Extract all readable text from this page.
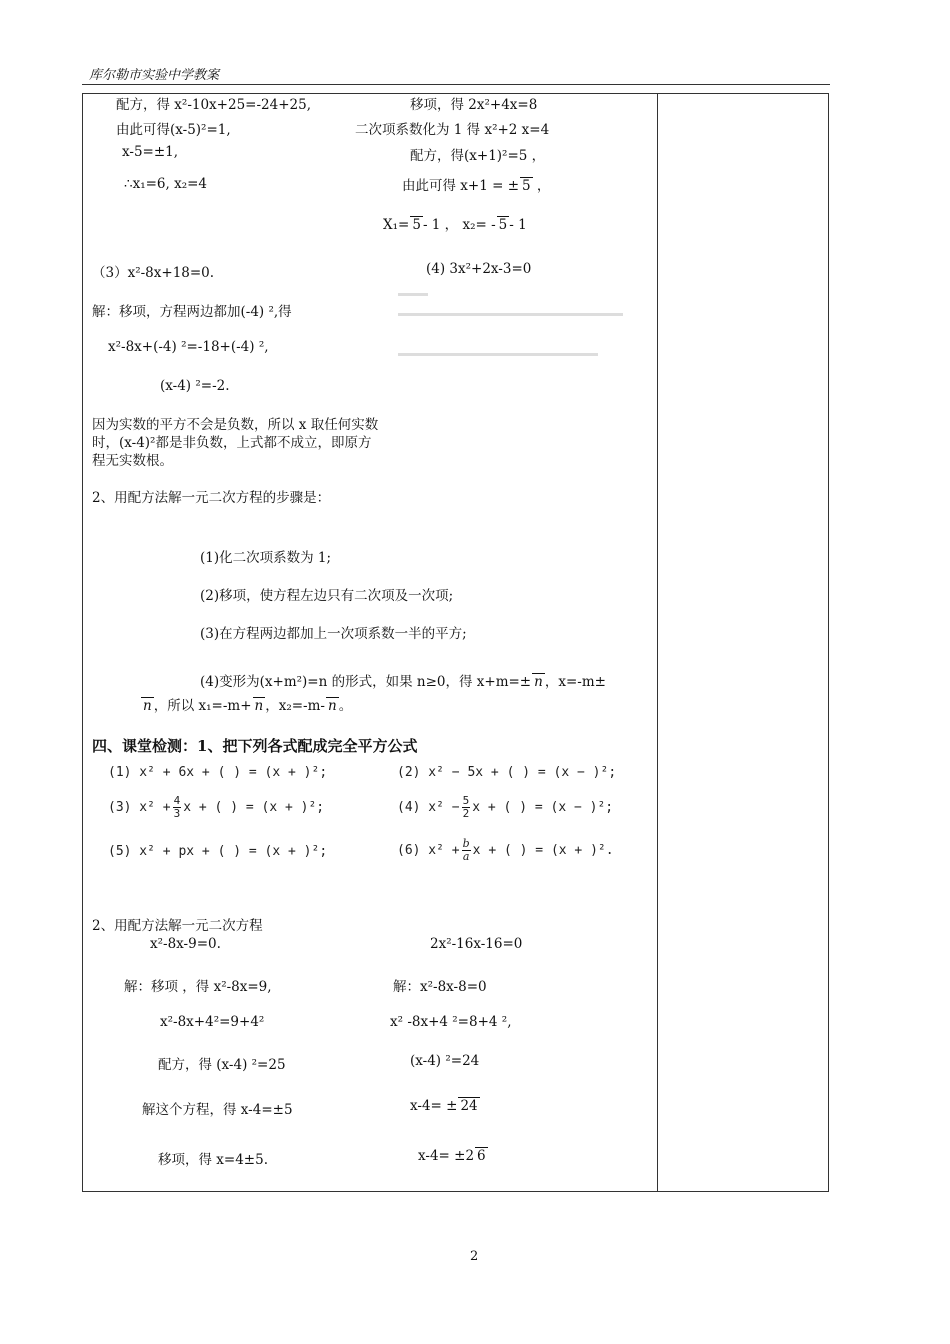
库尔勒市实验中学教案
配方，得 x²-10x+25=-24+25,
由此可得(x-5)²=1,
x-5=±1,
∴x₁=6, x₂=4
移项，得 2x²+4x=8
二次项系数化为 1 得 x²+2 x=4
配方，得(x+1)²=5 ，
由此可得 x+1 = ± 5 ，
X₁= 5 - 1 ， x₂= - 5 - 1
（3）x²-8x+18=0.	(4) 3x²+2x-3=0
解：移项，方程两边都加(-4) ²,得
x²-8x+(-4) ²=-18+(-4) ²,
(x-4) ²=-2.
因为实数的平方不会是负数，所以 x 取任何实数时，(x-4)²都是非负数，上式都不成立，即原方程无实数根。
2、用配方法解一元二次方程的步骤是：
(1)化二次项系数为 1;
(2)移项，使方程左边只有二次项及一次项;
(3)在方程两边都加上一次项系数一半的平方;
(4)变形为(x+m²)=n 的形式，如果 n≥0，得 x+m=± n ，x=-m±
n ，所以 x₁=-m+ n ，x₂=-m- n 。
四、课堂检测：1、把下列各式配成完全平方公式
(1) x² + 6x + ( ) = (x + )²;	(2) x² − 5x + ( ) = (x − )²;
(3) $x^2 + \frac{4}{3}$ x + ( ) = (x + )²;	(4) $x^2 - \frac{5}{2}$ x + ( ) = (x − )²;
(5) x² + px + ( ) = (x + )²;	(6) $x^2 + \frac{b}{a}$ x + ( ) = (x + )².
2、用配方法解一元二次方程
x²-8x-9=0.	2x²-16x-16=0
解：移项 ，得 x²-8x=9,
x²-8x+4²=9+4²
配方，得 (x-4) ²=25
解这个方程，得 x-4=±5
移项，得 x=4±5.
解：x²-8x-8=0
x² -8x+4 ²=8+4 ²,
(x-4) ²=24
x-4= ± 24
x-4= ±2 6
2
